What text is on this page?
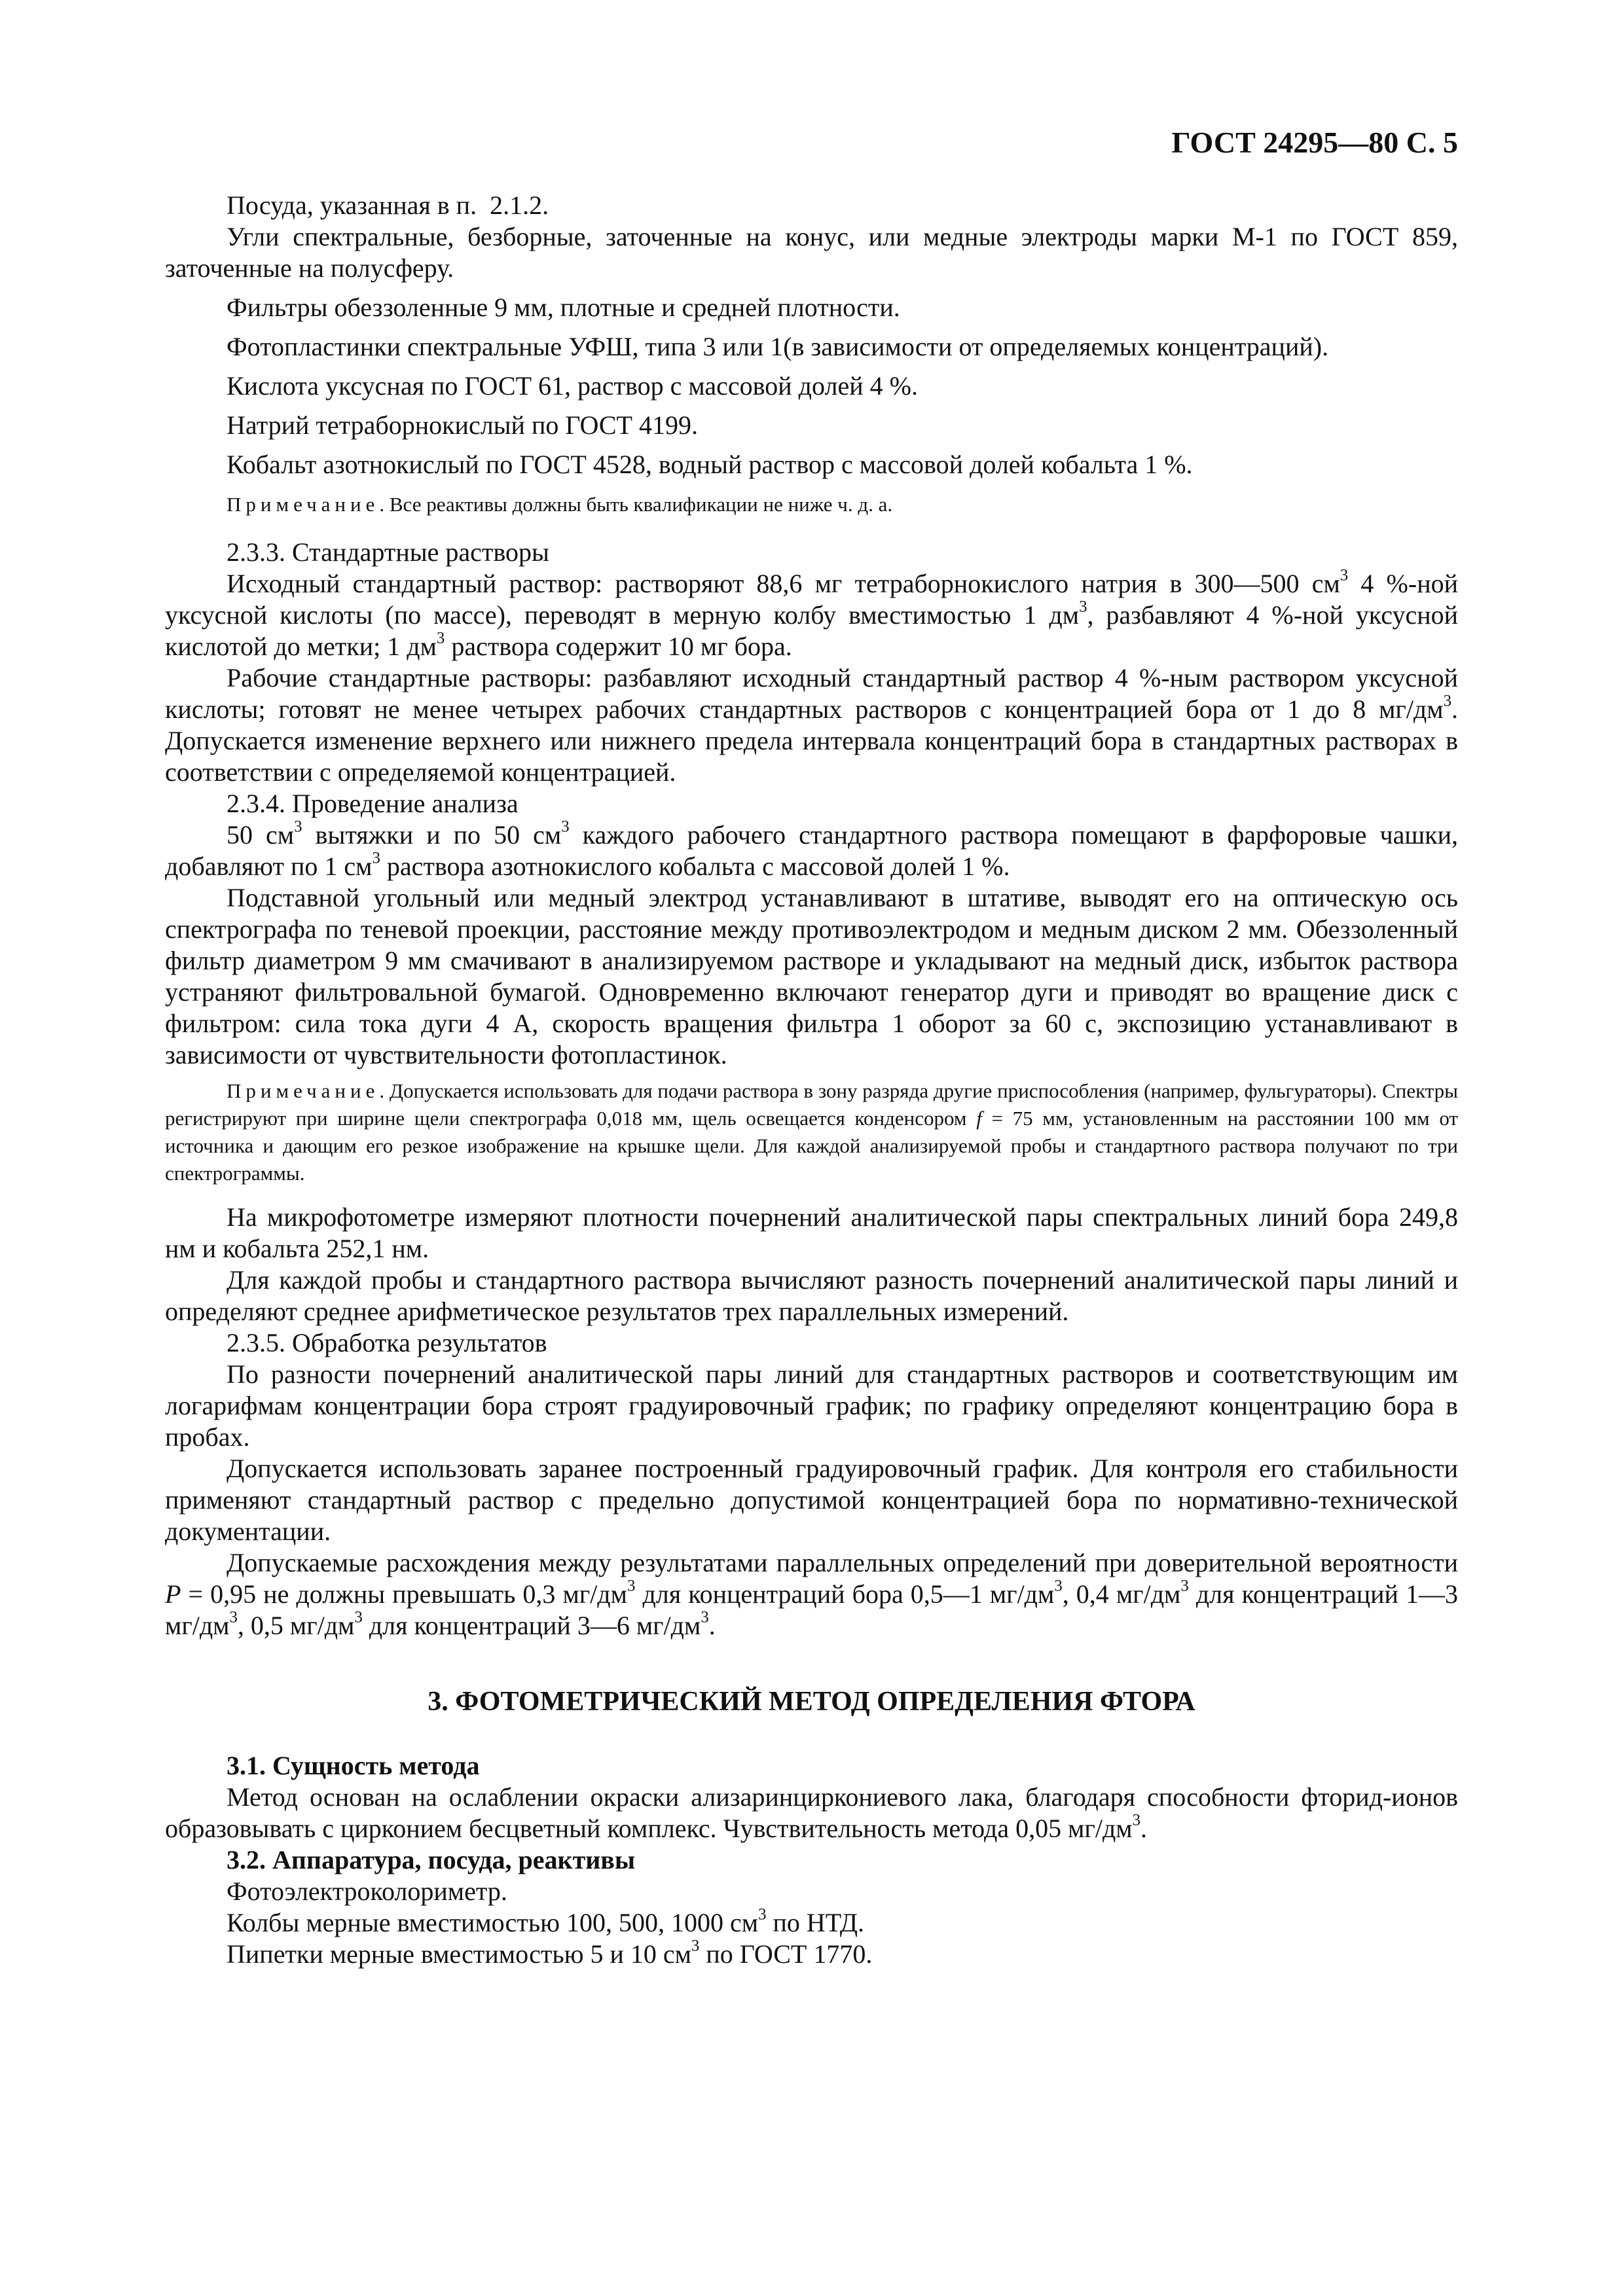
ГОСТ 24295—80 С. 5

Посуда, указанная в п.  2.1.2.

Угли спектральные, безборные, заточенные на конус, или медные электроды марки М-1 по ГОСТ 859, заточенные на полусферу.

Фильтры обеззоленные 9 мм, плотные и средней плотности.

Фотопластинки спектральные УФШ, типа 3 или 1(в зависимости от определяемых концентраций).

Кислота уксусная по ГОСТ 61, раствор с массовой долей 4 %.

Натрий тетраборнокислый по ГОСТ 4199.

Кобальт азотнокислый по ГОСТ 4528, водный раствор с массовой долей кобальта 1 %.

Примечание. Все реактивы должны быть квалификации не ниже ч. д. а.

2.3.3. Стандартные растворы

Исходный стандартный раствор: растворяют 88,6 мг тетраборнокислого натрия в 300—500 $см^3$ 4 %-ной уксусной кислоты (по массе), переводят в мерную колбу вместимостью 1 $дм^3$, разбавляют 4 %-ной уксусной кислотой до метки; 1 $дм^3$ раствора содержит 10 мг бора.

Рабочие стандартные растворы: разбавляют исходный стандартный раствор 4 %-ным раствором уксусной кислоты; готовят не менее четырех рабочих стандартных растворов с концентрацией бора от 1 до 8 $мг/дм^3$. Допускается изменение верхнего или нижнего предела интервала концентраций бора в стандартных растворах в соответствии с определяемой концентрацией.

2.3.4. Проведение анализа

50 $см^3$ вытяжки и по 50 $см^3$ каждого рабочего стандартного раствора помещают в фарфоровые чашки, добавляют по 1 $см^3$ раствора азотнокислого кобальта с массовой долей 1 %.

Подставной угольный или медный электрод устанавливают в штативе, выводят его на оптическую ось спектрографа по теневой проекции, расстояние между противоэлектродом и медным диском 2 мм. Обеззоленный фильтр диаметром 9 мм смачивают в анализируемом растворе и укладывают на медный диск, избыток раствора устраняют фильтровальной бумагой. Одновременно включают генератор дуги и приводят во вращение диск с фильтром: сила тока дуги 4 А, скорость вращения фильтра 1 оборот за 60 с, экспозицию устанавливают в зависимости от чувствительности фотопластинок.

Примечание. Допускается использовать для подачи раствора в зону разряда другие приспособления (например, фульгураторы). Спектры регистрируют при ширине щели спектрографа 0,018 мм, щель освещается конденсором f = 75 мм, установленным на расстоянии 100 мм от источника и дающим его резкое изображение на крышке щели. Для каждой анализируемой пробы и стандартного раствора получают по три спектрограммы.

На микрофотометре измеряют плотности почернений аналитической пары спектральных линий бора 249,8 нм и кобальта 252,1 нм.

Для каждой пробы и стандартного раствора вычисляют разность почернений аналитической пары линий и определяют среднее арифметическое результатов трех параллельных измерений.

2.3.5. Обработка результатов

По разности почернений аналитической пары линий для стандартных растворов и соответствующим им логарифмам концентрации бора строят градуировочный график; по графику определяют концентрацию бора в пробах.

Допускается использовать заранее построенный градуировочный график. Для контроля его стабильности применяют стандартный раствор с предельно допустимой концентрацией бора по нормативно-технической документации.

Допускаемые расхождения между результатами параллельных определений при доверительной вероятности P = 0,95 не должны превышать 0,3 $мг/дм^3$ для концентраций бора 0,5—1 $мг/дм^3$, 0,4 $мг/дм^3$ для концентраций 1—3 $мг/дм^3$, 0,5 $мг/дм^3$ для концентраций 3—6 $мг/дм^3$.

3. ФОТОМЕТРИЧЕСКИЙ МЕТОД ОПРЕДЕЛЕНИЯ ФТОРА

3.1. Сущность метода

Метод основан на ослаблении окраски ализаринциркониевого лака, благодаря способности фторид-ионов образовывать с цирконием бесцветный комплекс. Чувствительность метода 0,05 $мг/дм^3$.

3.2. Аппаратура, посуда, реактивы

Фотоэлектроколориметр.

Колбы мерные вместимостью 100, 500, 1000 $см^3$ по НТД.

Пипетки мерные вместимостью 5 и 10 $см^3$ по ГОСТ 1770.
